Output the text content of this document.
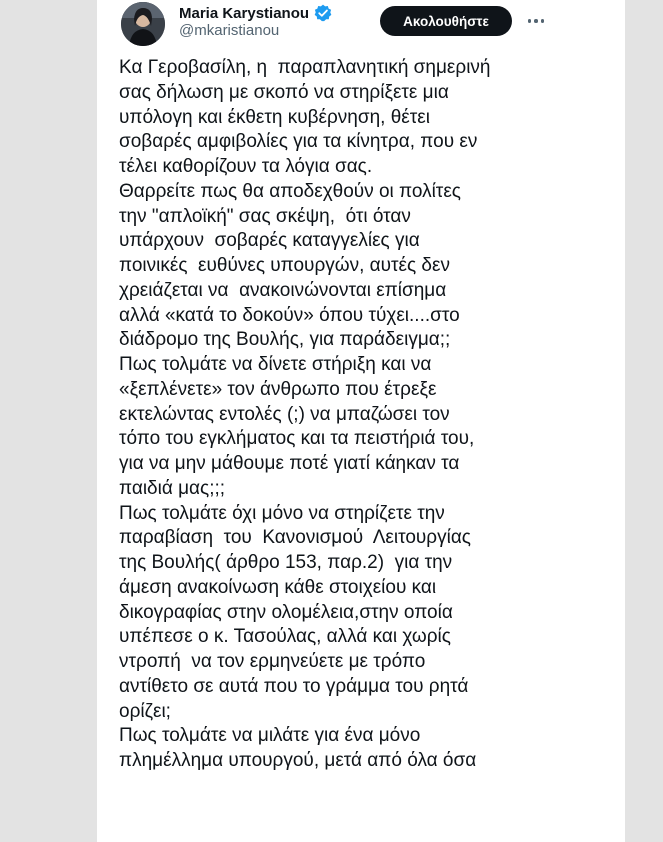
Maria Karystianou
@mkaristianou
Ακολουθήστε
Κα Γεροβασίλη, η  παραπλανητική σημερινή
σας δήλωση με σκοπό να στηρίξετε μια
υπόλογη και έκθετη κυβέρνηση, θέτει
σοβαρές αμφιβολίες για τα κίνητρα, που εν
τέλει καθορίζουν τα λόγια σας.
Θαρρείτε πως θα αποδεχθούν οι πολίτες
την "απλοϊκή" σας σκέψη,  ότι όταν
υπάρχουν  σοβαρές καταγγελίες για
ποινικές  ευθύνες υπουργών, αυτές δεν
χρειάζεται να  ανακοινώνονται επίσημα
αλλά «κατά το δοκούν» όπου τύχει....στο
διάδρομο της Βουλής, για παράδειγμα;;
Πως τολμάτε να δίνετε στήριξη και να
«ξεπλένετε» τον άνθρωπο που έτρεξε
εκτελώντας εντολές (;) να μπαζώσει τον
τόπο του εγκλήματος και τα πειστήριά του,
για να μην μάθουμε ποτέ γιατί κάηκαν τα
παιδιά μας;;;
Πως τολμάτε όχι μόνο να στηρίζετε την
παραβίαση  του  Κανονισμού  Λειτουργίας
της Βουλής( άρθρο 153, παρ.2)  για την
άμεση ανακοίνωση κάθε στοιχείου και
δικογραφίας στην ολομέλεια,στην οποία
υπέπεσε ο κ. Τασούλας, αλλά και χωρίς
ντροπή  να τον ερμηνεύετε με τρόπο
αντίθετο σε αυτά που το γράμμα του ρητά
ορίζει;
Πως τολμάτε να μιλάτε για ένα μόνο
πλημέλλημα υπουργού, μετά από όλα όσα
